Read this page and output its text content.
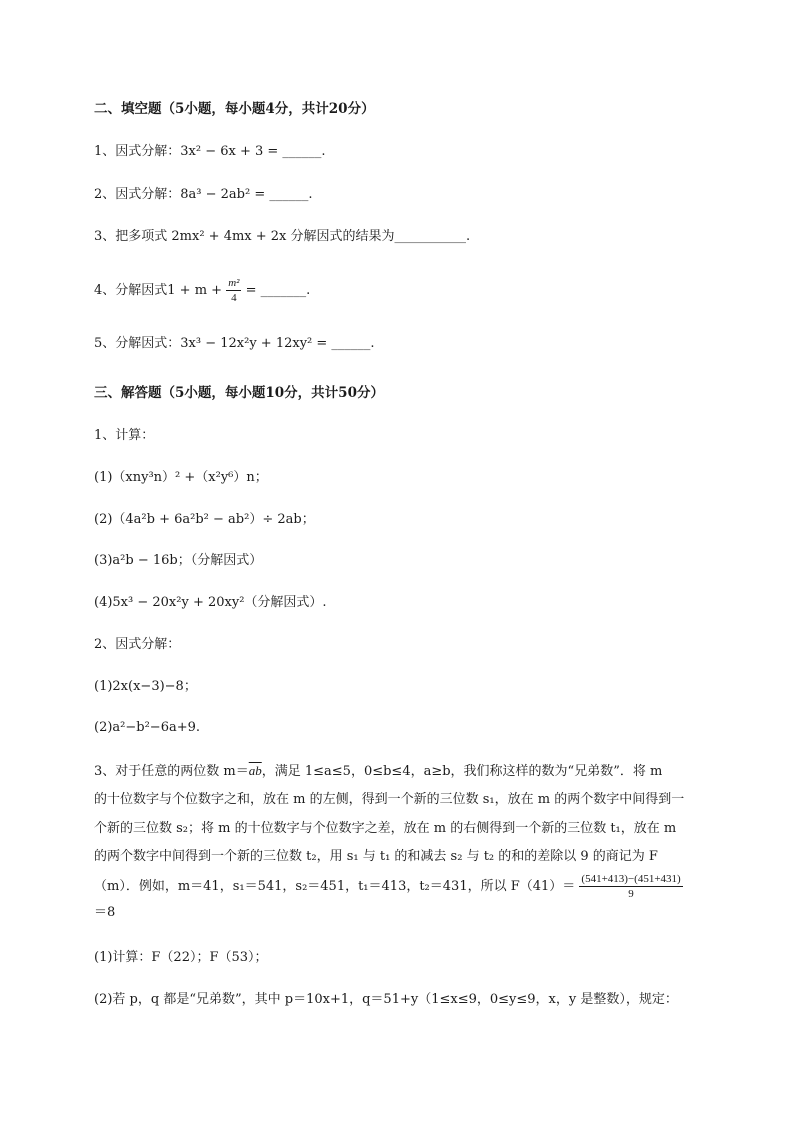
二、填空题（5小题，每小题4分，共计20分）
1、因式分解：3x² − 6x + 3 = ______.
2、因式分解：8a³ − 2ab² = ______.
3、把多项式 2mx² + 4mx + 2x 分解因式的结果为___________.
4、分解因式$1 + m + \frac{\text{m²}}{4}$ = _______.
5、分解因式：3x³ − 12x²y + 12xy² = ______.
三、解答题（5小题，每小题10分，共计50分）
1、计算：
(1)（xny³n）² +（x²y⁶）n；
(2)（4a²b + 6a²b² − ab²）÷ 2ab；
(3)a²b − 16b；（分解因式）
(4)5x³ − 20x²y + 20xy²（分解因式）.
2、因式分解：
(1)2x(x−3)−8；
(2)a²−b²−6a+9.
3、对于任意的两位数 $m=\overline{ab}$，满足 1≤a≤5，0≤b≤4，a≥b，我们称这样的数为“兄弟数”．将 m
的十位数字与个位数字之和，放在 m 的左侧，得到一个新的三位数 s₁，放在 m 的两个数字中间得到一
个新的三位数 s₂；将 m 的十位数字与个位数字之差，放在 m 的右侧得到一个新的三位数 t₁，放在 m
的两个数字中间得到一个新的三位数 t₂，用 s₁ 与 t₁ 的和减去 s₂ 与 t₂ 的和的差除以 9 的商记为 F
（m）．例如，m＝41，s₁＝541，s₂＝451，t₁＝413，t₂＝431，所以 $F(41)= \frac{(541+413)-(451+431)}{9}$
＝8
(1)计算：F（22）；F（53）；
(2)若 p，q 都是“兄弟数”，其中 p＝10x+1，q＝51+y（1≤x≤9，0≤y≤9，x，y 是整数），规定：
